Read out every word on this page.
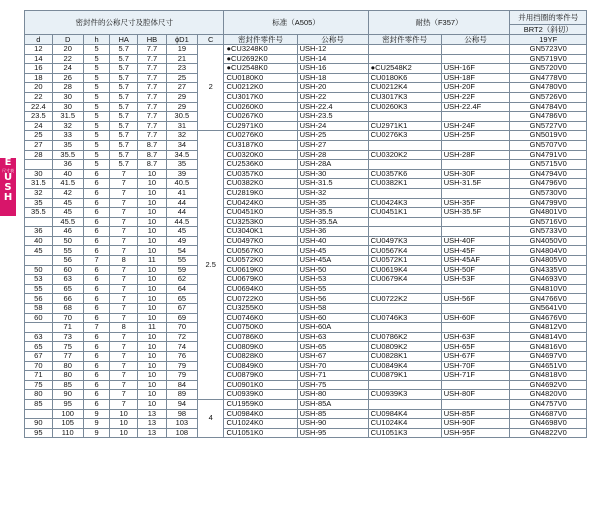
E
尺寸表
U
S
H
密封件的公称尺寸及腔体尺寸							标准（A505）		耐热（F357）		并用挡圈的零件号
											BRT2（斜切）
d	D	h	HA	HB	ϕD1	C	密封件零件号	公称号	密封件零件号	公称号	19YF
12	20	5	5.7	7.7	19	2	●CU3248K0	USH-12			GN5723V0
14	22	5	5.7	7.7	21		●CU2692K0	USH-14			GN5719V0
16	24	5	5.7	7.7	23		●CU2548K0	USH-16	●CU2548K2	USH-16F	GN5720V0
18	26	5	5.7	7.7	25		CU0180K0	USH-18	CU0180K6	USH-18F	GN4778V0
20	28	5	5.7	7.7	27		CU0212K0	USH-20	CU0212K4	USH-20F	GN4780V0
22	30	5	5.7	7.7	29		CU3017K0	USH-22	CU3017K3	USH-22F	GN5726V0
22.4	30	5	5.7	7.7	29		CU0260K0	USH-22.4	CU0260K3	USH-22.4F	GN4784V0
23.5	31.5	5	5.7	7.7	30.5		CU0267K0	USH-23.5			GN4786V0
24	32	5	5.7	7.7	31		CU2971K0	USH-24	CU2971K1	USH-24F	GN5727V0
25	33	5	5.7	7.7	32	2.5	CU0276K0	USH-25	CU0276K3	USH-25F	GN5019V0
27	35	5	5.7	8.7	34		CU3187K0	USH-27			GN5707V0
28	35.5	5	5.7	8.7	34.5		CU0320K0	USH-28	CU0320K2	USH-28F	GN4791V0
	36	5	5.7	8.7	35		CU2536K0	USH-28A			GN5715V0
30	40	6	7	10	39		CU0357K0	USH-30	CU0357K6	USH-30F	GN4794V0
31.5	41.5	6	7	10	40.5		CU0382K0	USH-31.5	CU0382K1	USH-31.5F	GN4796V0
32	42	6	7	10	41		CU2819K0	USH-32			GN5730V0
35	45	6	7	10	44		CU0424K0	USH-35	CU0424K3	USH-35F	GN4799V0
35.5	45	6	7	10	44		CU0451K0	USH-35.5	CU0451K1	USH-35.5F	GN4801V0
	45.5	6	7	10	44.5		CU3253K0	USH-35.5A			GN5716V0
36	46	6	7	10	45		CU3040K1	USH-36			GN5733V0
40	50	6	7	10	49		CU0497K0	USH-40	CU0497K3	USH-40F	GN4050V0
45	55	6	7	10	54		CU0567K0	USH-45	CU0567K4	USH-45F	GN4804V0
	56	7	8	11	55		CU0572K0	USH-45A	CU0572K1	USH-45AF	GN4805V0
50	60	6	7	10	59		CU0619K0	USH-50	CU0619K4	USH-50F	GN4335V0
53	63	6	7	10	62		CU0679K0	USH-53	CU0679K4	USH-53F	GN4693V0
55	65	6	7	10	64		CU0694K0	USH-55			GN4810V0
56	66	6	7	10	65		CU0722K0	USH-56	CU0722K2	USH-56F	GN4766V0
58	68	6	7	10	67		CU3255K0	USH-58			GN5641V0
60	70	6	7	10	69		CU0746K0	USH-60	CU0746K3	USH-60F	GN4676V0
	71	7	8	11	70		CU0750K0	USH-60A			GN4812V0
63	73	6	7	10	72		CU0786K0	USH-63	CU0786K2	USH-63F	GN4814V0
65	75	6	7	10	74		CU0809K0	USH-65	CU0809K2	USH-65F	GN4816V0
67	77	6	7	10	76		CU0828K0	USH-67	CU0828K1	USH-67F	GN4697V0
70	80	6	7	10	79		CU0849K0	USH-70	CU0849K4	USH-70F	GN4651V0
71	80	6	7	10	79		CU0879K0	USH-71	CU0879K1	USH-71F	GN4818V0
75	85	6	7	10	84		CU0901K0	USH-75			GN4692V0
80	90	6	7	10	89		CU0939K0	USH-80	CU0939K3	USH-80F	GN4820V0
85	95	6	7	10	94	4	CU1959K0	USH-85A			GN4757V0
	100	9	10	13	98		CU0984K0	USH-85	CU0984K4	USH-85F	GN4687V0
90	105	9	10	13	103		CU1024K0	USH-90	CU1024K4	USH-90F	GN4698V0
95	110	9	10	13	108		CU1051K0	USH-95	CU1051K3	USH-95F	GN4822V0
